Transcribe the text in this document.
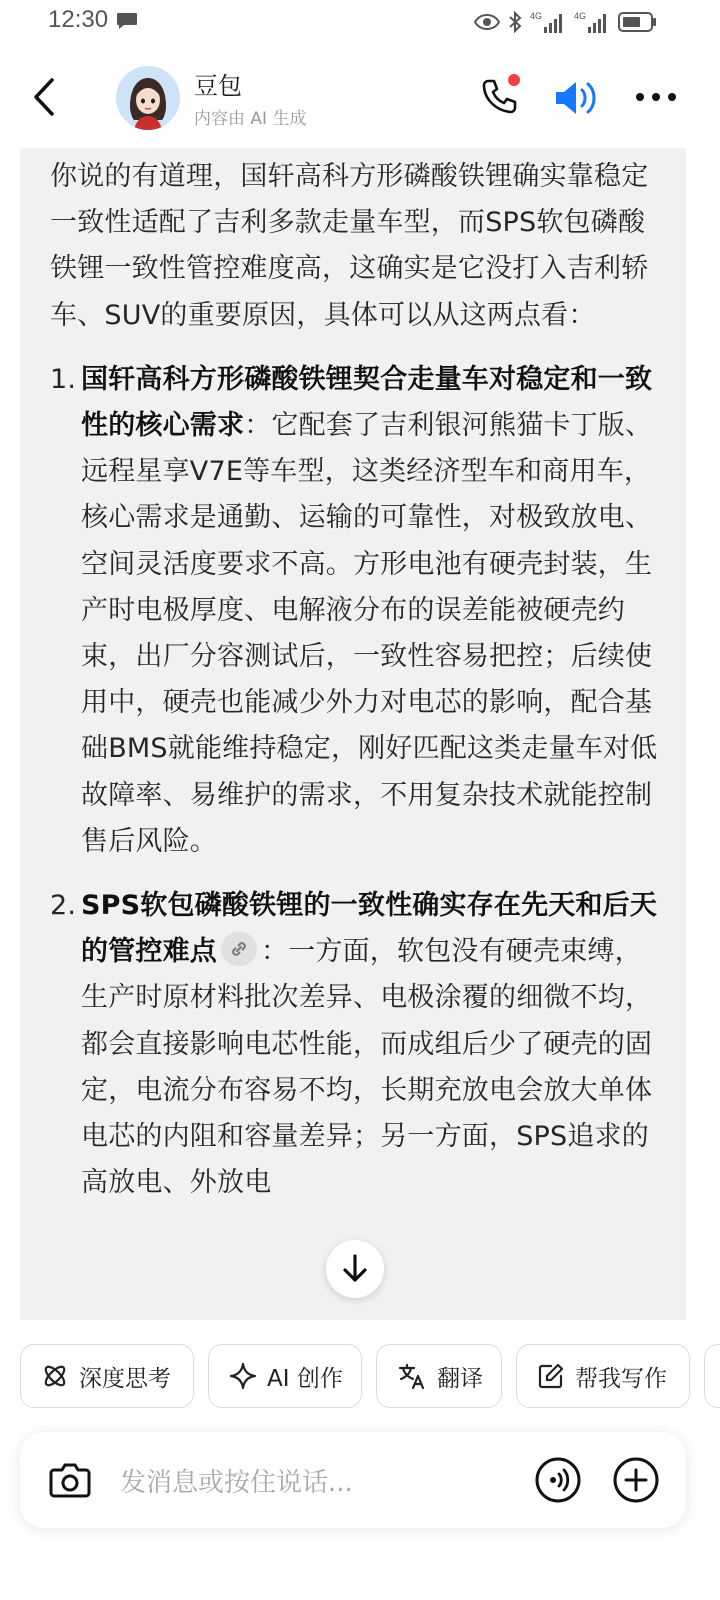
12:30	4G	4G
豆包
内容由 AI 生成
你说的有道理，国轩高科方形磷酸铁锂确实靠稳定一致性适配了吉利多款走量车型，而SPS软包磷酸铁锂一致性管控难度高，这确实是它没打入吉利轿车、SUV的重要原因，具体可以从这两点看：
1. 国轩高科方形磷酸铁锂契合走量车对稳定和一致性的核心需求：它配套了吉利银河熊猫卡丁版、远程星享V7E等车型，这类经济型车和商用车，核心需求是通勤、运输的可靠性，对极致放电、空间灵活度要求不高。方形电池有硬壳封装，生产时电极厚度、电解液分布的误差能被硬壳约束，出厂分容测试后，一致性容易把控；后续使用中，硬壳也能减少外力对电芯的影响，配合基础BMS就能维持稳定，刚好匹配这类走量车对低故障率、易维护的需求，不用复杂技术就能控制售后风险。
2. SPS软包磷酸铁锂的一致性确实存在先天和后天的管控难点 ：一方面，软包没有硬壳束缚，生产时原材料批次差异、电极涂覆的细微不均，都会直接影响电芯性能，而成组后少了硬壳的固定，电流分布容易不均，长期充放电会放大单体电芯的内阻和容量差异；另一方面，SPS追求的高放电、外放电
深度思考	AI 创作	翻译	帮我写作
发消息或按住说话...
